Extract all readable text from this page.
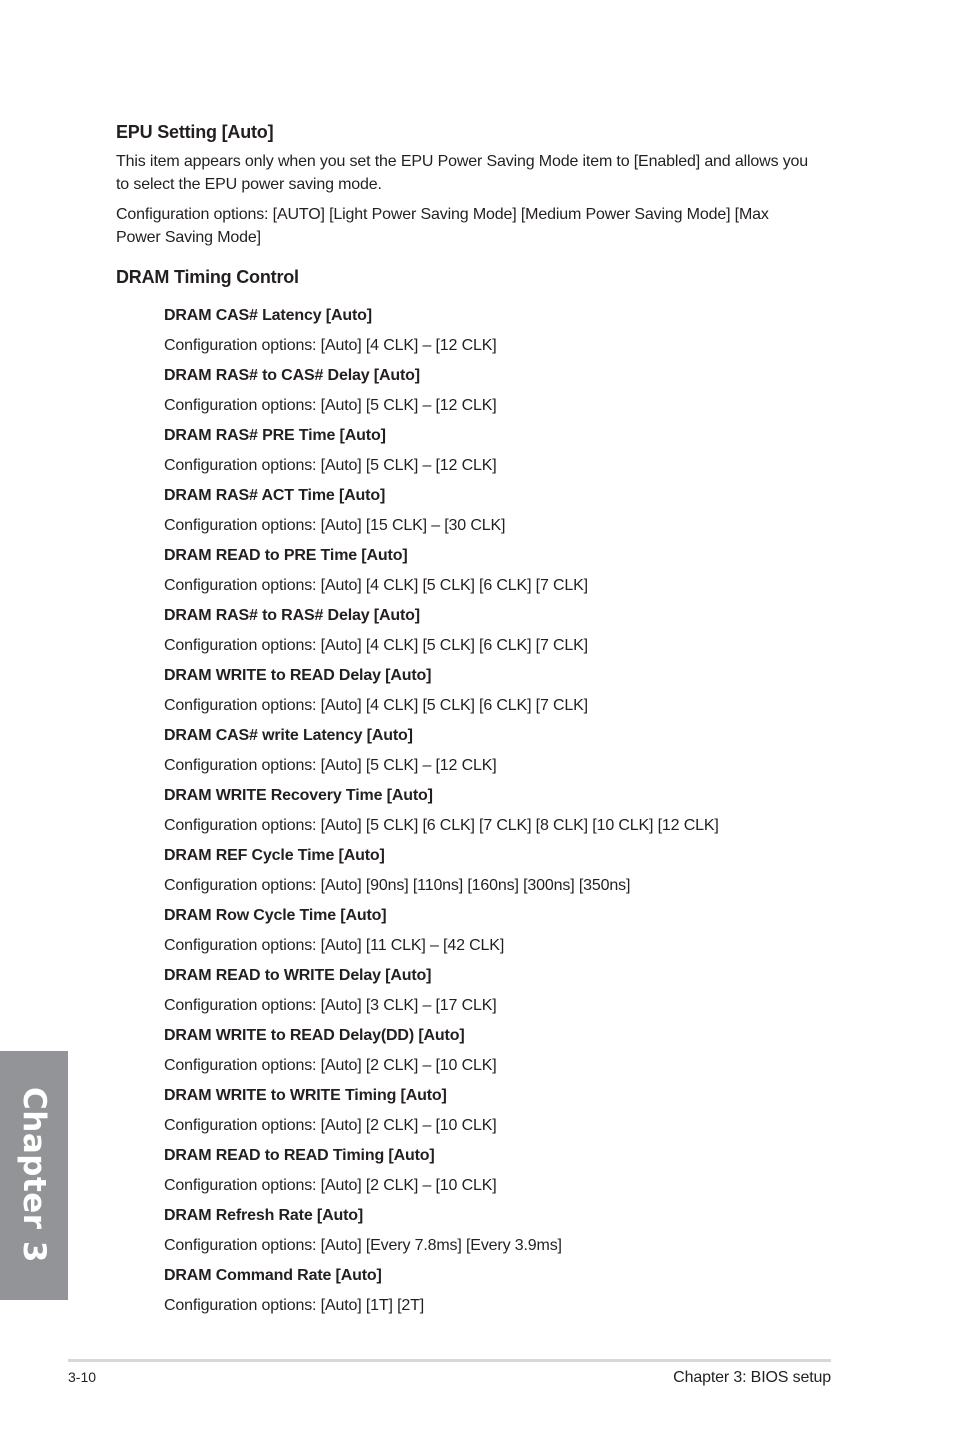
EPU Setting [Auto]

This item appears only when you set the EPU Power Saving Mode item to [Enabled] and allows you to select the EPU power saving mode.

Configuration options: [AUTO] [Light Power Saving Mode] [Medium Power Saving Mode] [Max Power Saving Mode]

DRAM Timing Control
DRAM CAS# Latency [Auto]
Configuration options: [Auto] [4 CLK] – [12 CLK]
DRAM RAS# to CAS# Delay [Auto]
Configuration options: [Auto] [5 CLK] – [12 CLK]
DRAM RAS# PRE Time [Auto]
Configuration options: [Auto] [5 CLK] – [12 CLK]
DRAM RAS# ACT Time [Auto]
Configuration options: [Auto] [15 CLK] – [30 CLK]
DRAM READ to PRE Time [Auto]
Configuration options: [Auto] [4 CLK] [5 CLK] [6 CLK] [7 CLK]
DRAM RAS# to RAS# Delay [Auto]
Configuration options: [Auto] [4 CLK] [5 CLK] [6 CLK] [7 CLK]
DRAM WRITE to READ Delay [Auto]
Configuration options: [Auto] [4 CLK] [5 CLK] [6 CLK] [7 CLK]
DRAM CAS# write Latency [Auto]
Configuration options: [Auto] [5 CLK] – [12 CLK]
DRAM WRITE Recovery Time [Auto]
Configuration options: [Auto] [5 CLK] [6 CLK] [7 CLK] [8 CLK] [10 CLK] [12 CLK]
DRAM REF Cycle Time [Auto]
Configuration options: [Auto] [90ns] [110ns] [160ns] [300ns] [350ns]
DRAM Row Cycle Time [Auto]
Configuration options: [Auto] [11 CLK] – [42 CLK]
DRAM READ to WRITE Delay [Auto]
Configuration options: [Auto] [3 CLK] – [17 CLK]
DRAM WRITE to READ Delay(DD) [Auto]
Configuration options: [Auto] [2 CLK] – [10 CLK]
DRAM WRITE to WRITE Timing [Auto]
Configuration options: [Auto] [2 CLK] – [10 CLK]
DRAM READ to READ Timing [Auto]
Configuration options: [Auto] [2 CLK] – [10 CLK]
DRAM Refresh Rate [Auto]
Configuration options: [Auto] [Every 7.8ms] [Every 3.9ms]
DRAM Command Rate [Auto]
Configuration options: [Auto] [1T] [2T]
Chapter 3
3-10	Chapter 3: BIOS setup
